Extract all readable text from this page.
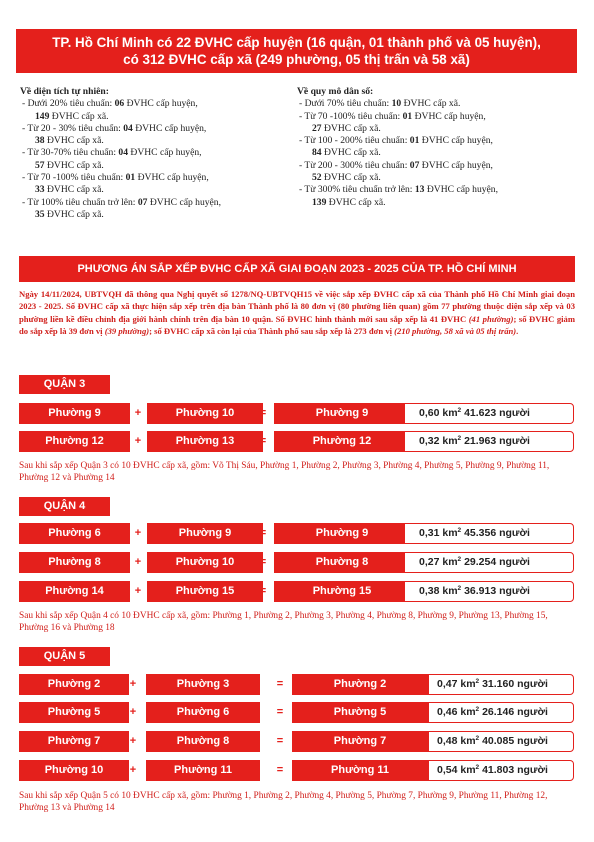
TP. Hồ Chí Minh có 22 ĐVHC cấp huyện (16 quận, 01 thành phố và 05 huyện),
có 312 ĐVHC cấp xã (249 phường, 05 thị trấn và 58 xã)
Về diện tích tự nhiên:
- Dưới 20% tiêu chuẩn: 06 ĐVHC cấp huyện,
149 ĐVHC cấp xã.
- Từ 20 - 30% tiêu chuẩn: 04 ĐVHC cấp huyện,
38 ĐVHC cấp xã.
- Từ 30-70% tiêu chuẩn: 04 ĐVHC cấp huyện,
57 ĐVHC cấp xã.
- Từ 70 -100% tiêu chuẩn: 01 ĐVHC cấp huyện,
33 ĐVHC cấp xã.
- Từ 100% tiêu chuẩn trở lên: 07 ĐVHC cấp huyện,
35 ĐVHC cấp xã.
Về quy mô dân số:
- Dưới 70% tiêu chuẩn: 10 ĐVHC cấp xã.
- Từ 70 -100% tiêu chuẩn: 01 ĐVHC cấp huyện,
27 ĐVHC cấp xã.
- Từ 100 - 200% tiêu chuẩn: 01 ĐVHC cấp huyện,
84 ĐVHC cấp xã.
- Từ 200 - 300% tiêu chuẩn: 07 ĐVHC cấp huyện,
52 ĐVHC cấp xã.
- Từ 300% tiêu chuẩn trở lên: 13 ĐVHC cấp huyện,
139 ĐVHC cấp xã.
PHƯƠNG ÁN SẮP XẾP ĐVHC CẤP XÃ GIAI ĐOẠN 2023 - 2025 CỦA TP. HỒ CHÍ MINH
Ngày 14/11/2024, UBTVQH đã thông qua Nghị quyết số 1278/NQ-UBTVQH15 về việc sắp xếp ĐVHC cấp xã của Thành phố Hồ Chí Minh giai đoạn 2023 - 2025. Số ĐVHC cấp xã thực hiện sắp xếp trên địa bàn Thành phố là 80 đơn vị (80 phường liên quan) gồm 77 phường thuộc diện sắp xếp và 03 phường liền kề điều chỉnh địa giới hành chính trên địa bàn 10 quận. Số ĐVHC hình thành mới sau sắp xếp là 41 ĐVHC (41 phường); số ĐVHC giảm do sắp xếp là 39 đơn vị (39 phường); số ĐVHC cấp xã còn lại của Thành phố sau sắp xếp là 273 đơn vị (210 phường, 58 xã và 05 thị trấn).
QUẬN 3
Phường 9	+	Phường 10	=	Phường 9	0,60 $km^2$ 41.623 người
Phường 12	+	Phường 13	=	Phường 12	0,32 $km^2$ 21.963 người
Sau khi sắp xếp Quận 3 có 10 ĐVHC cấp xã, gồm: Võ Thị Sáu, Phường 1, Phường 2, Phường 3, Phường 4, Phường 5, Phường 9, Phường 11, Phường 12 và Phường 14
QUẬN 4
Phường 6	+	Phường 9	=	Phường 9	0,31 $km^2$ 45.356 người
Phường 8	+	Phường 10	=	Phường 8	0,27 $km^2$ 29.254 người
Phường 14	+	Phường 15	=	Phường 15	0,38 $km^2$ 36.913 người
Sau khi sắp xếp Quận 4 có 10 ĐVHC cấp xã, gồm: Phường 1, Phường 2, Phường 3, Phường 4, Phường 8, Phường 9, Phường 13, Phường 15, Phường 16 và Phường 18
QUẬN 5
Phường 2	+	Phường 3	=	Phường 2	0,47 $km^2$ 31.160 người
Phường 5	+	Phường 6	=	Phường 5	0,46 $km^2$ 26.146 người
Phường 7	+	Phường 8	=	Phường 7	0,48 $km^2$ 40.085 người
Phường 10	+	Phường 11	=	Phường 11	0,54 $km^2$ 41.803 người
Sau khi sắp xếp Quận 5 có 10 ĐVHC cấp xã, gồm: Phường 1, Phường 2, Phường 4, Phường 5, Phường 7, Phường 9, Phường 11, Phường 12, Phường 13 và Phường 14
